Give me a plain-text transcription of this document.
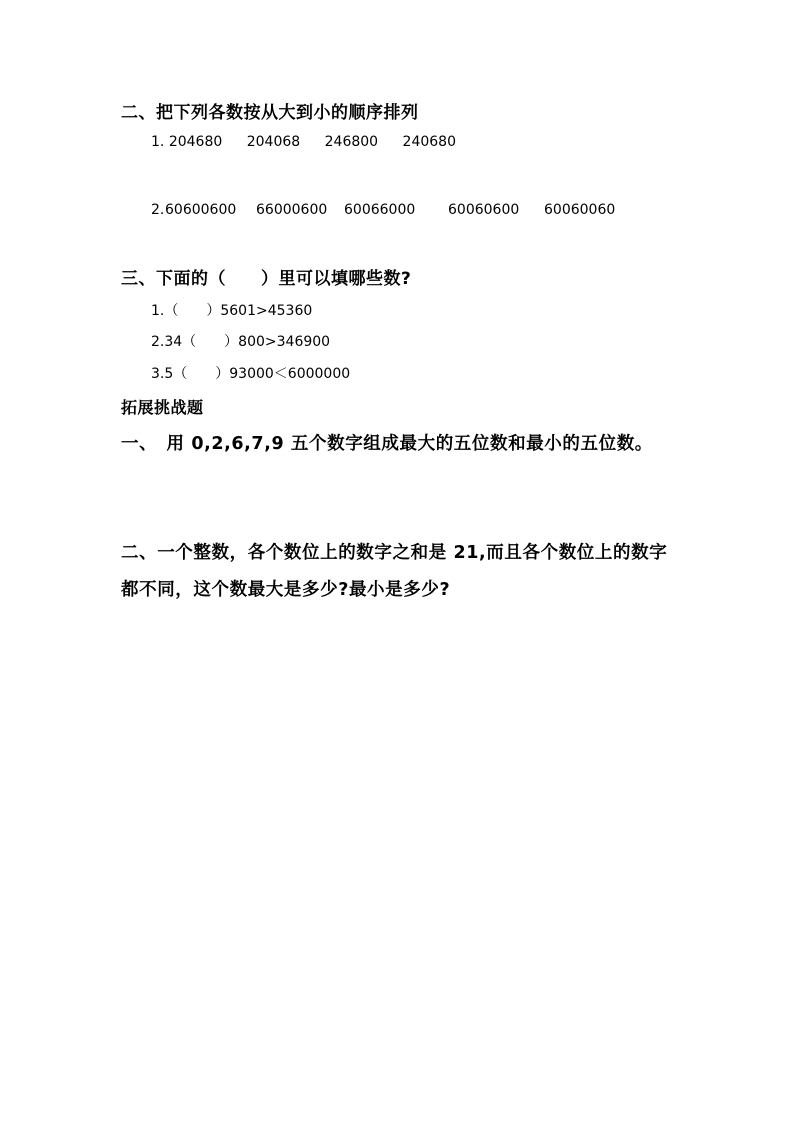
二、把下列各数按从大到小的顺序排列
1. 204680 204068 246800 240680
2. 60600600 66000600 60066000 60060600 60060060
三、下面的（　　）里可以填哪些数?
1.（　　）5601>45360
2.34（　　）800>346900
3.5（　　）93000＜6000000
拓展挑战题
一、　用 0,2,6,7,9 五个数字组成最大的五位数和最小的五位数。
二、一个整数，各个数位上的数字之和是 21,而且各个数位上的数字
都不同，这个数最大是多少?最小是多少?
